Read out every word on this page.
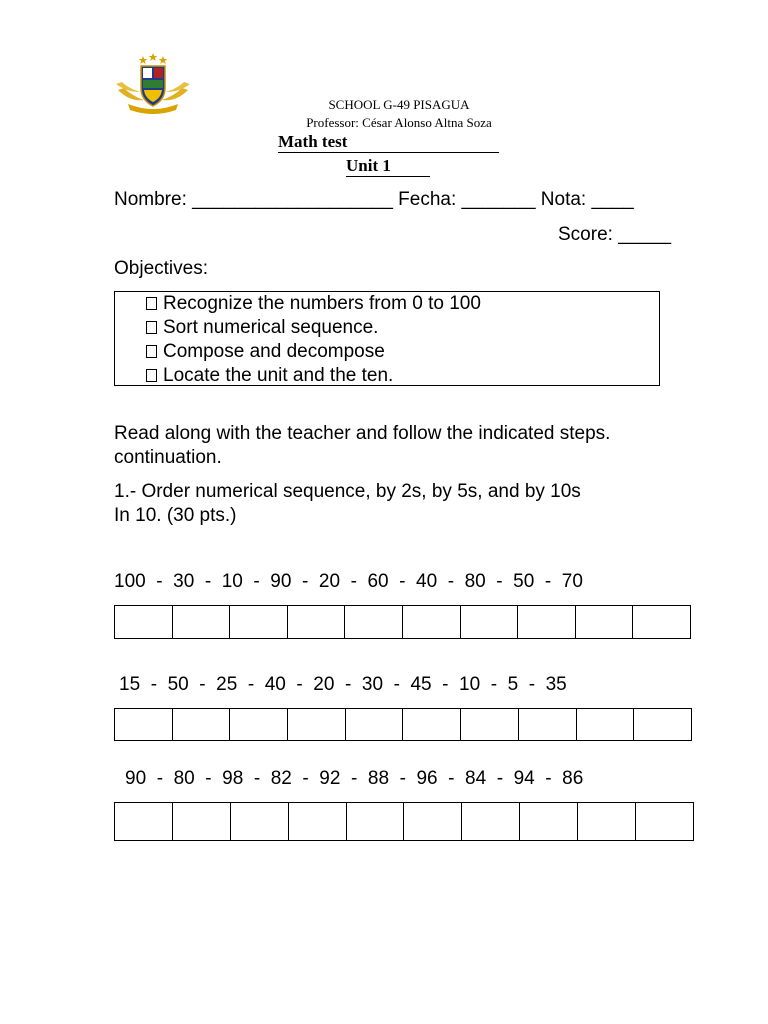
SCHOOL G-49 PISAGUA
Professor: César Alonso Altna Soza
Math test
Unit 1
Nombre: ___________________ Fecha: _______ Nota: ____
Score: _____
Objectives:
Recognize the numbers from 0 to 100
Sort numerical sequence.
Compose and decompose
Locate the unit and the ten.
Read along with the teacher and follow the indicated steps.
continuation.
1.- Order numerical sequence, by 2s, by 5s, and by 10s
In 10. (30 pts.)
100  -  30  -  10  -  90  -  20  -  60  -  40  -  80  -  50  -  70
15  -  50  -  25  -  40  -  20  -  30  -  45  -  10  -  5  -  35
90  -  80  -  98  -  82  -  92  -  88  -  96  -  84  -  94  -  86
